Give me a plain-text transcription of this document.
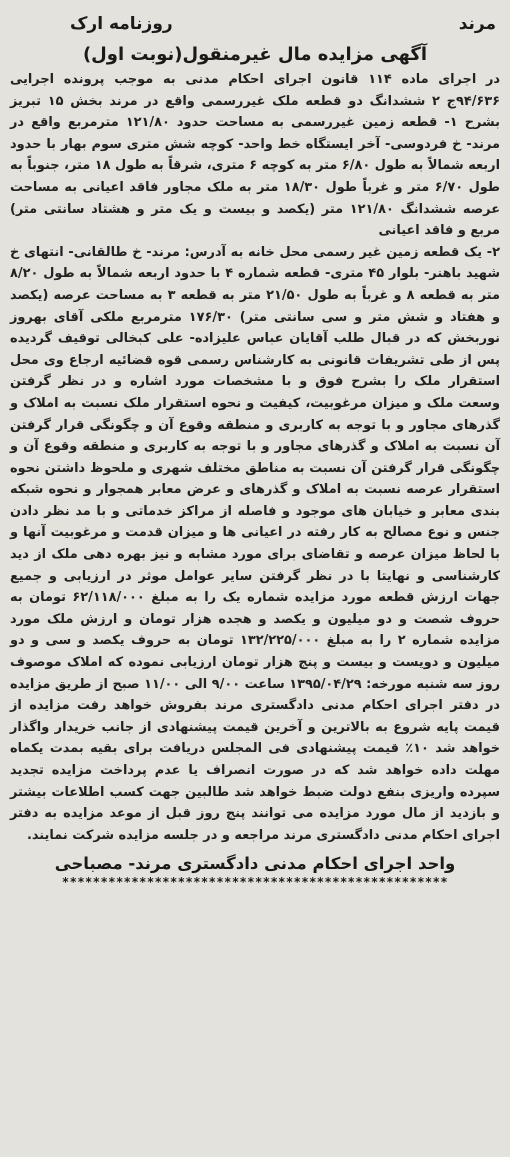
مرند
روزنامه ارک
آگهی مزایده مال غیرمنقول(نوبت اول)

در اجرای ماده ۱۱۴ قانون اجرای احکام مدنی به موجب پرونده اجرایی ۹۴/۶۳۶ج ۲ ششدانگ دو قطعه ملک غیررسمی واقع در مرند بخش ۱۵ تبریز بشرح ۱- قطعه زمین غیررسمی به مساحت حدود ۱۲۱/۸۰ مترمربع واقع در مرند- خ فردوسی- آخر ایستگاه خط واحد- کوچه شش متری سوم بهار با حدود اربعه شمالاً به طول ۶/۸۰ متر به کوچه ۶ متری، شرقاً به طول ۱۸ متر، جنوباً به طول ۶/۷۰ متر و غرباً طول ۱۸/۳۰ متر به ملک مجاور فاقد اعیانی به مساحت عرصه ششدانگ ۱۲۱/۸۰ متر (یکصد و بیست و یک متر و هشتاد سانتی متر) مربع و فاقد اعیانی

۲- یک قطعه زمین غیر رسمی محل خانه به آدرس: مرند- خ طالقانی- انتهای خ شهید باهنر- بلوار ۴۵ متری- قطعه شماره ۴ با حدود اربعه شمالاً به طول ۸/۲۰ متر به قطعه ۸ و غرباً به طول ۲۱/۵۰ متر به قطعه ۳ به مساحت عرصه (یکصد و هفتاد و شش متر و سی سانتی متر) ۱۷۶/۳۰ مترمربع ملکی آقای بهروز نوربخش که در قبال طلب آقایان عباس علیزاده- علی کبخالی توقیف گردیده پس از طی تشریفات قانونی به کارشناس رسمی قوه قضائیه ارجاع وی محل استقرار ملک را بشرح فوق و با مشخصات مورد اشاره و در نظر گرفتن وسعت ملک و میزان مرغوبیت، کیفیت و نحوه استقرار ملک نسبت به املاک و گذرهای مجاور و با توجه به کاربری و منطقه وقوع آن و چگونگی قرار گرفتن آن نسبت به املاک و گذرهای مجاور و با توجه به کاربری و منطقه وقوع آن و چگونگی قرار گرفتن آن نسبت به مناطق مختلف شهری و ملحوظ داشتن نحوه استقرار عرصه نسبت به املاک و گذرهای و عرض معابر همجوار و نحوه شبکه بندی معابر و خیابان های موجود و فاصله از مراکز خدماتی و با مد نظر دادن جنس و نوع مصالح به کار رفته در اعیانی ها و میزان قدمت و مرغوبیت آنها و با لحاظ میزان عرصه و تقاضای برای مورد مشابه و نیز بهره دهی ملک از دید کارشناسی و نهایتا با در نظر گرفتن سایر عوامل موثر در ارزیابی و جمیع جهات ارزش قطعه مورد مزایده شماره یک را به مبلغ ۶۲/۱۱۸/۰۰۰ تومان به حروف شصت و دو میلیون و یکصد و هجده هزار تومان و ارزش ملک مورد مزایده شماره ۲ را به مبلغ ۱۳۲/۲۲۵/۰۰۰ تومان به حروف یکصد و سی و دو میلیون و دویست و بیست و پنج هزار تومان ارزیابی نموده که املاک موصوف روز سه شنبه مورخه: ۱۳۹۵/۰۴/۲۹ ساعت ۹/۰۰ الی ۱۱/۰۰ صبح از طریق مزایده در دفتر اجرای احکام مدنی دادگستری مرند بفروش خواهد رفت مزایده از قیمت پایه شروع به بالاترین و آخرین قیمت پیشنهادی از جانب خریدار واگذار خواهد شد ۱۰٪ قیمت پیشنهادی فی المجلس دریافت برای بقیه بمدت یکماه مهلت داده خواهد شد که در صورت انصراف یا عدم پرداخت مزایده تجدید سپرده واریزی بنفع دولت ضبط خواهد شد طالبین جهت کسب اطلاعات بیشتر و بازدید از مال مورد مزایده می توانند پنج روز قبل از موعد مزایده به دفتر اجرای احکام مدنی دادگستری مرند مراجعه و در جلسه مزایده شرکت نمایند.

واحد اجرای احکام مدنی دادگستری مرند- مصباحی
**************************************************
